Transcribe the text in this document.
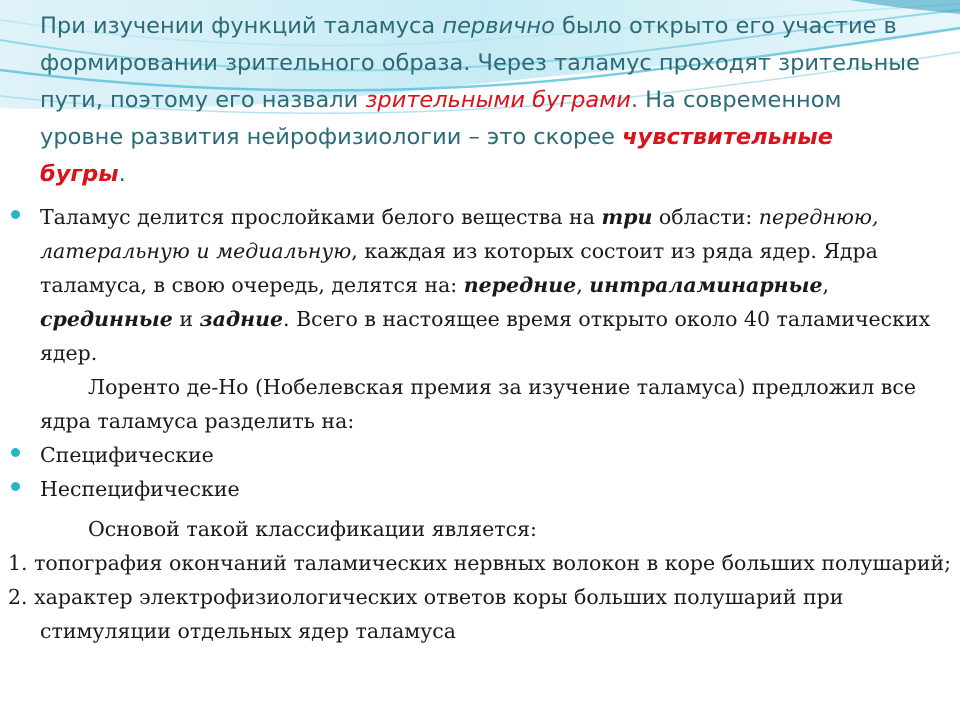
При изучении функций таламуса первично было открыто его участие в формировании зрительного образа. Через таламус проходят зрительные пути, поэтому его назвали зрительными буграми. На современном уровне развития нейрофизиологии – это скорее чувствительные бугры.
Таламус делится прослойками белого вещества на три области: переднюю, латеральную и медиальную, каждая из которых состоит из ряда ядер. Ядра таламуса, в свою очередь, делятся на: передние, интраламинарные, срединные и задние. Всего в настоящее время открыто около 40 таламических ядер.
Лоренто де-Но (Нобелевская премия за изучение таламуса) предложил все ядра таламуса разделить на:
Специфические
Неспецифические
Основой такой классификации является:
1. топография окончаний таламических нервных волокон в коре больших полушарий;
2. характер электрофизиологических ответов коры больших полушарий при стимуляции отдельных ядер таламуса
